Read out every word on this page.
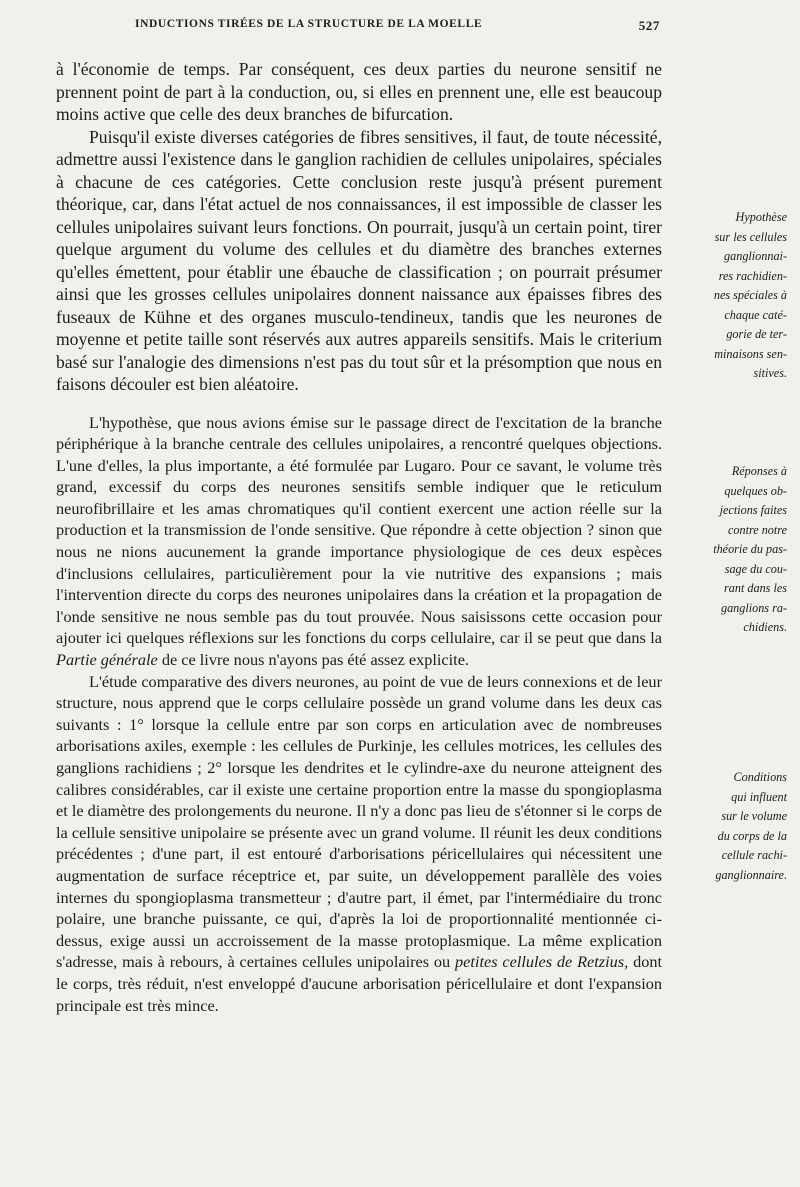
INDUCTIONS TIRÉES DE LA STRUCTURE DE LA MOELLE	527

à l'économie de temps. Par conséquent, ces deux parties du neurone sensitif ne prennent point de part à la conduction, ou, si elles en prennent une, elle est beaucoup moins active que celle des deux branches de bifurcation.

Puisqu'il existe diverses catégories de fibres sensitives, il faut, de toute nécessité, admettre aussi l'existence dans le ganglion rachidien de cellules unipolaires, spéciales à chacune de ces catégories. Cette conclusion reste jusqu'à présent purement théorique, car, dans l'état actuel de nos connaissances, il est impossible de classer les cellules unipolaires suivant leurs fonctions. On pourrait, jusqu'à un certain point, tirer quelque argument du volume des cellules et du diamètre des branches externes qu'elles émettent, pour établir une ébauche de classification ; on pourrait présumer ainsi que les grosses cellules unipolaires donnent naissance aux épaisses fibres des fuseaux de Kühne et des organes musculo-tendineux, tandis que les neurones de moyenne et petite taille sont réservés aux autres appareils sensitifs. Mais le criterium basé sur l'analogie des dimensions n'est pas du tout sûr et la présomption que nous en faisons découler est bien aléatoire.

L'hypothèse, que nous avions émise sur le passage direct de l'excitation de la branche périphérique à la branche centrale des cellules unipolaires, a rencontré quelques objections. L'une d'elles, la plus importante, a été formulée par Lugaro. Pour ce savant, le volume très grand, excessif du corps des neurones sensitifs semble indiquer que le reticulum neurofibrillaire et les amas chromatiques qu'il contient exercent une action réelle sur la production et la transmission de l'onde sensitive. Que répondre à cette objection ? sinon que nous ne nions aucunement la grande importance physiologique de ces deux espèces d'inclusions cellulaires, particulièrement pour la vie nutritive des expansions ; mais l'intervention directe du corps des neurones unipolaires dans la création et la propagation de l'onde sensitive ne nous semble pas du tout prouvée. Nous saisissons cette occasion pour ajouter ici quelques réflexions sur les fonctions du corps cellulaire, car il se peut que dans la Partie générale de ce livre nous n'ayons pas été assez explicite.

L'étude comparative des divers neurones, au point de vue de leurs connexions et de leur structure, nous apprend que le corps cellulaire possède un grand volume dans les deux cas suivants : 1° lorsque la cellule entre par son corps en articulation avec de nombreuses arborisations axiles, exemple : les cellules de Purkinje, les cellules motrices, les cellules des ganglions rachidiens ; 2° lorsque les dendrites et le cylindre-axe du neurone atteignent des calibres considérables, car il existe une certaine proportion entre la masse du spongioplasma et le diamètre des prolongements du neurone. Il n'y a donc pas lieu de s'étonner si le corps de la cellule sensitive unipolaire se présente avec un grand volume. Il réunit les deux conditions précédentes ; d'une part, il est entouré d'arborisations péricellulaires qui nécessitent une augmentation de surface réceptrice et, par suite, un développement parallèle des voies internes du spongioplasma transmetteur ; d'autre part, il émet, par l'intermédiaire du tronc polaire, une branche puissante, ce qui, d'après la loi de proportionnalité mentionnée ci-dessus, exige aussi un accroissement de la masse protoplasmique. La même explication s'adresse, mais à rebours, à certaines cellules unipolaires ou petites cellules de Retzius, dont le corps, très réduit, n'est enveloppé d'aucune arborisation péricellulaire et dont l'expansion principale est très mince.

Hypothèse
sur les cellules
ganglionnai-
res rachidien-
nes spéciales à
chaque caté-
gorie de ter-
minaisons sen-
sitives.
Réponses à
quelques ob-
jections faites
contre notre
théorie du pas-
sage du cou-
rant dans les
ganglions ra-
chidiens.
Conditions
qui influent
sur le volume
du corps de la
cellule rachi-
ganglionnaire.
